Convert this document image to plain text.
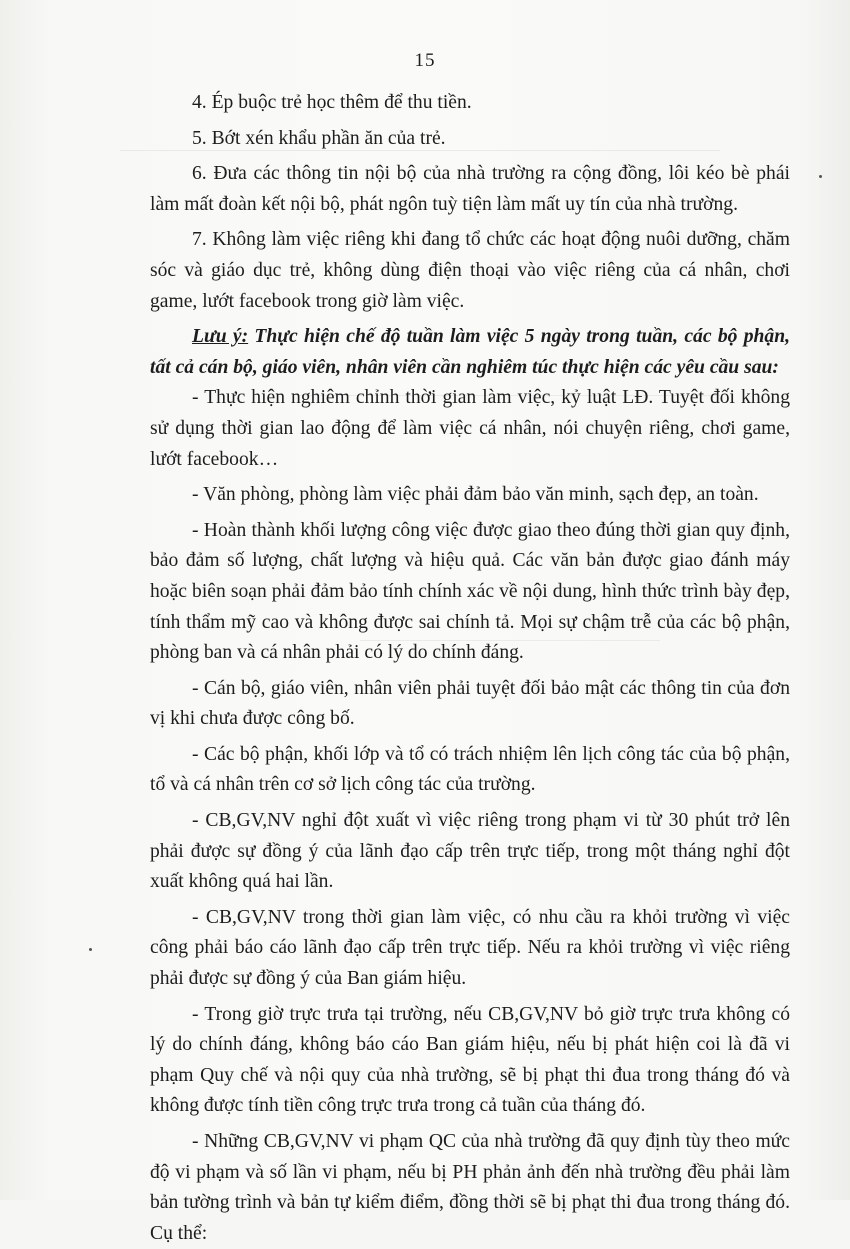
15

4. Ép buộc trẻ học thêm để thu tiền.

5. Bớt xén khẩu phần ăn của trẻ.

6. Đưa các thông tin nội bộ của nhà trường ra cộng đồng, lôi kéo bè phái làm mất đoàn kết nội bộ, phát ngôn tuỳ tiện làm mất uy tín của nhà trường.

7. Không làm việc riêng khi đang tổ chức các hoạt động nuôi dưỡng, chăm sóc và giáo dục trẻ, không dùng điện thoại vào việc riêng của cá nhân, chơi game, lướt facebook trong giờ làm việc.

Lưu ý: Thực hiện chế độ tuần làm việc 5 ngày trong tuần, các bộ phận, tất cả cán bộ, giáo viên, nhân viên cần nghiêm túc thực hiện các yêu cầu sau:

- Thực hiện nghiêm chỉnh thời gian làm việc, kỷ luật LĐ. Tuyệt đối không sử dụng thời gian lao động để làm việc cá nhân, nói chuyện riêng, chơi game, lướt facebook…

- Văn phòng, phòng làm việc phải đảm bảo văn minh, sạch đẹp, an toàn.

- Hoàn thành khối lượng công việc được giao theo đúng thời gian quy định, bảo đảm số lượng, chất lượng và hiệu quả. Các văn bản được giao đánh máy hoặc biên soạn phải đảm bảo tính chính xác về nội dung, hình thức trình bày đẹp, tính thẩm mỹ cao và không được sai chính tả. Mọi sự chậm trễ của các bộ phận, phòng ban và cá nhân phải có lý do chính đáng.

- Cán bộ, giáo viên, nhân viên phải tuyệt đối bảo mật các thông tin của đơn vị khi chưa được công bố.

- Các bộ phận, khối lớp và tổ có trách nhiệm lên lịch công tác của bộ phận, tổ và cá nhân trên cơ sở lịch công tác của trường.

- CB,GV,NV nghỉ đột xuất vì việc riêng trong phạm vi từ 30 phút trở lên phải được sự đồng ý của lãnh đạo cấp trên trực tiếp, trong một tháng nghỉ đột xuất không quá hai lần.

- CB,GV,NV trong thời gian làm việc, có nhu cầu ra khỏi trường vì việc công phải báo cáo lãnh đạo cấp trên trực tiếp. Nếu ra khỏi trường vì việc riêng phải được sự đồng ý của Ban giám hiệu.

- Trong giờ trực trưa tại trường, nếu CB,GV,NV bỏ giờ trực trưa không có lý do chính đáng, không báo cáo Ban giám hiệu, nếu bị phát hiện coi là đã vi phạm Quy chế và nội quy của nhà trường, sẽ bị phạt thi đua trong tháng đó và không được tính tiền công trực trưa trong cả tuần của tháng đó.

- Những CB,GV,NV vi phạm QC của nhà trường đã quy định tùy theo mức độ vi phạm và số lần vi phạm, nếu bị PH phản ảnh đến nhà trường đều phải làm bản tường trình và bản tự kiểm điểm, đồng thời sẽ bị phạt thi đua trong tháng đó. Cụ thể:
